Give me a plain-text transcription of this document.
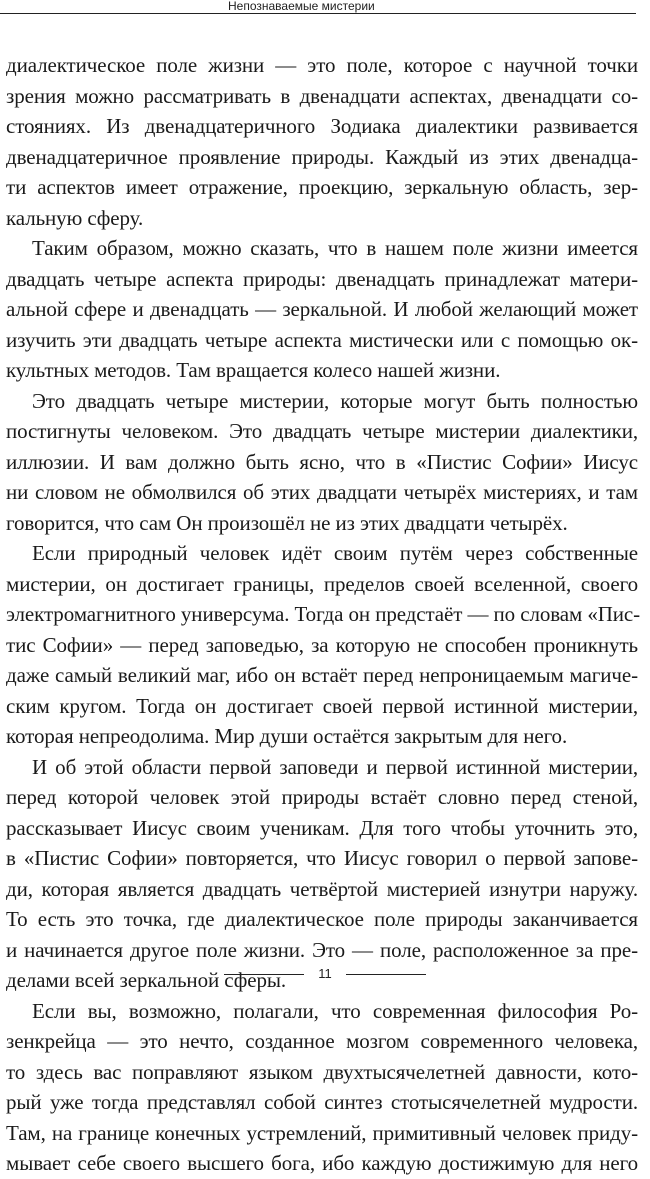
Непознаваемые мистерии
диалектическое поле жизни — это поле, которое с научной точки
зрения можно рассматривать в двенадцати аспектах, двенадцати со-
стояниях. Из двенадцатеричного Зодиака диалектики развивается
двенадцатеричное проявление природы. Каждый из этих двенадца-
ти аспектов имеет отражение, проекцию, зеркальную область, зер-
кальную сферу.
Таким образом, можно сказать, что в нашем поле жизни имеется
двадцать четыре аспекта природы: двенадцать принадлежат матери-
альной сфере и двенадцать — зеркальной. И любой желающий может
изучить эти двадцать четыре аспекта мистически или с помощью ок-
культных методов. Там вращается колесо нашей жизни.
Это двадцать четыре мистерии, которые могут быть полностью
постигнуты человеком. Это двадцать четыре мистерии диалектики,
иллюзии. И вам должно быть ясно, что в «Пистис Софии» Иисус
ни словом не обмолвился об этих двадцати четырёх мистериях, и там
говорится, что сам Он произошёл не из этих двадцати четырёх.
Если природный человек идёт своим путём через собственные
мистерии, он достигает границы, пределов своей вселенной, своего
электромагнитного универсума. Тогда он предстаёт — по словам «Пис-
тис Софии» — перед заповедью, за которую не способен проникнуть
даже самый великий маг, ибо он встаёт перед непроницаемым магиче-
ским кругом. Тогда он достигает своей первой истинной мистерии,
которая непреодолима. Мир души остаётся закрытым для него.
И об этой области первой заповеди и первой истинной мистерии,
перед которой человек этой природы встаёт словно перед стеной,
рассказывает Иисус своим ученикам. Для того чтобы уточнить это,
в «Пистис Софии» повторяется, что Иисус говорил о первой запове-
ди, которая является двадцать четвёртой мистерией изнутри наружу.
То есть это точка, где диалектическое поле природы заканчивается
и начинается другое поле жизни. Это — поле, расположенное за пре-
делами всей зеркальной сферы.
Если вы, возможно, полагали, что современная философия Ро-
зенкрейца — это нечто, созданное мозгом современного человека,
то здесь вас поправляют языком двухтысячелетней давности, кото-
рый уже тогда представлял собой синтез стотысячелетней мудрости.
Там, на границе конечных устремлений, примитивный человек приду-
мывает себе своего высшего бога, ибо каждую достижимую для него
11
